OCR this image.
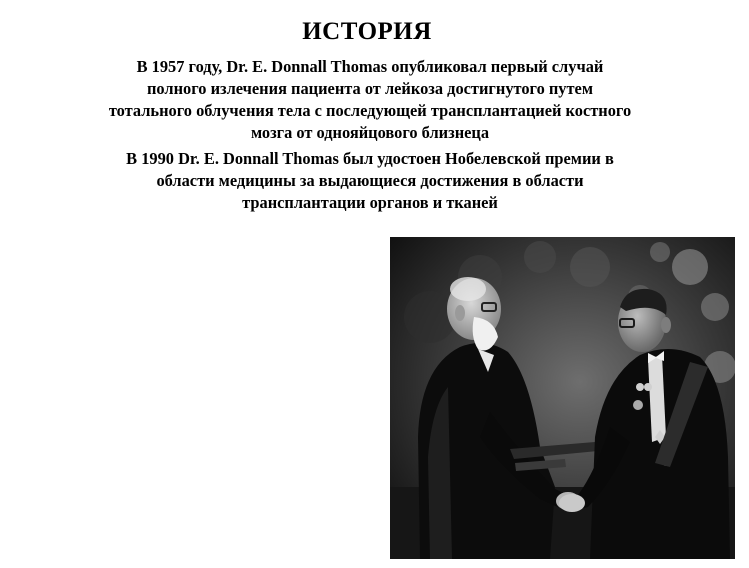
ИСТОРИЯ
В 1957 году, Dr. E. Donnall Thomas опубликовал первый случай
полного излечения пациента от лейкоза достигнутого путем
тотального облучения тела с последующей трансплантацией костного
мозга от однояйцового близнеца
В 1990 Dr. E. Donnall Thomas был удостоен Нобелевской премии в
области медицины за выдающиеся достижения в области
трансплантации органов и тканей
